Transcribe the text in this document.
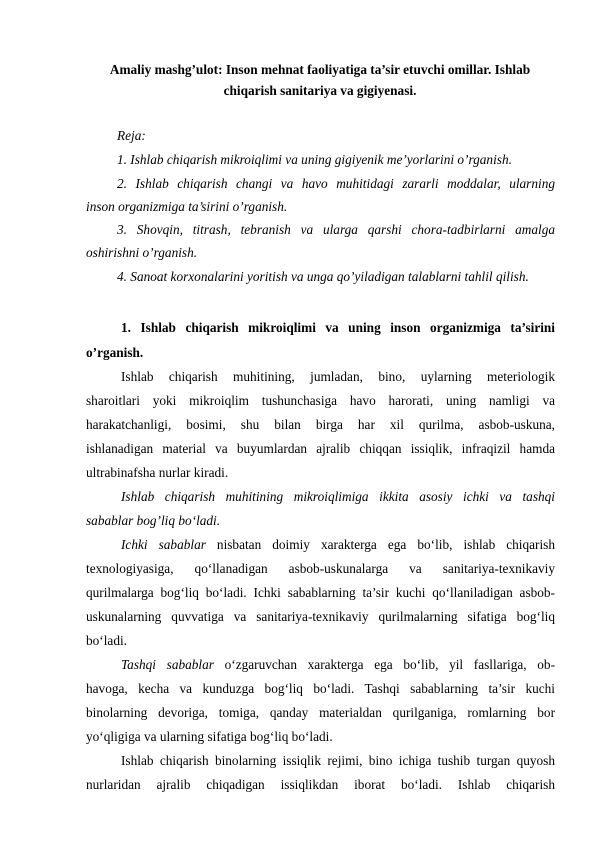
Amaliy mashg’ulot: Inson mehnat faoliyatiga ta’sir etuvchi omillar. Ishlab
chiqarish sanitariya va gigiyenasi.
Reja:
1. Ishlab chiqarish mikroiqlimi va uning gigiyenik me’yorlarini o’rganish.
2. Ishlab chiqarish changi va havo muhitidagi zararli moddalar, ularning
inson organizmiga ta’sirini o’rganish.
3. Shovqin, titrash, tebranish va ularga qarshi chora-tadbirlarni amalga
oshirishni o’rganish.
4. Sanoat korxonalarini yoritish va unga qo’yiladigan talablarni tahlil qilish.
1. Ishlab chiqarish mikroiqlimi va uning inson organizmiga ta’sirini
o’rganish.
Ishlab chiqarish muhitining, jumladan, bino, uylarning meteriologik
sharoitlari yoki mikroiqlim tushunchasiga havo harorati, uning namligi va
harakatchanligi, bosimi, shu bilan birga har xil qurilma, asbob-uskuna,
ishlanadigan material va buyumlardan ajralib chiqqan issiqlik, infraqizil hamda
ultrabinafsha nurlar kiradi.
Ishlab chiqarish muhitining mikroiqlimiga ikkita asosiy ichki va tashqi
sabablar bog’liq bo‘ladi.
Ichki sabablar nisbatan doimiy xarakterga ega bo‘lib, ishlab chiqarish
texnologiyasiga, qo‘llanadigan asbob-uskunalarga va sanitariya-texnikaviy
qurilmalarga bog‘liq bo‘ladi. Ichki sabablarning ta’sir kuchi qo‘llaniladigan asbob-
uskunalarning quvvatiga va sanitariya-texnikaviy qurilmalarning sifatiga bog‘liq
bo‘ladi.
Tashqi sabablar o‘zgaruvchan xarakterga ega bo‘lib, yil fasllariga, ob-
havoga, kecha va kunduzga bog‘liq bo‘ladi. Tashqi sabablarning ta’sir kuchi
binolarning devoriga, tomiga, qanday materialdan qurilganiga, romlarning bor
yo‘qligiga va ularning sifatiga bog‘liq bo‘ladi.
Ishlab chiqarish binolarning issiqlik rejimi, bino ichiga tushib turgan quyosh
nurlaridan ajralib chiqadigan issiqlikdan iborat bo‘ladi. Ishlab chiqarish
